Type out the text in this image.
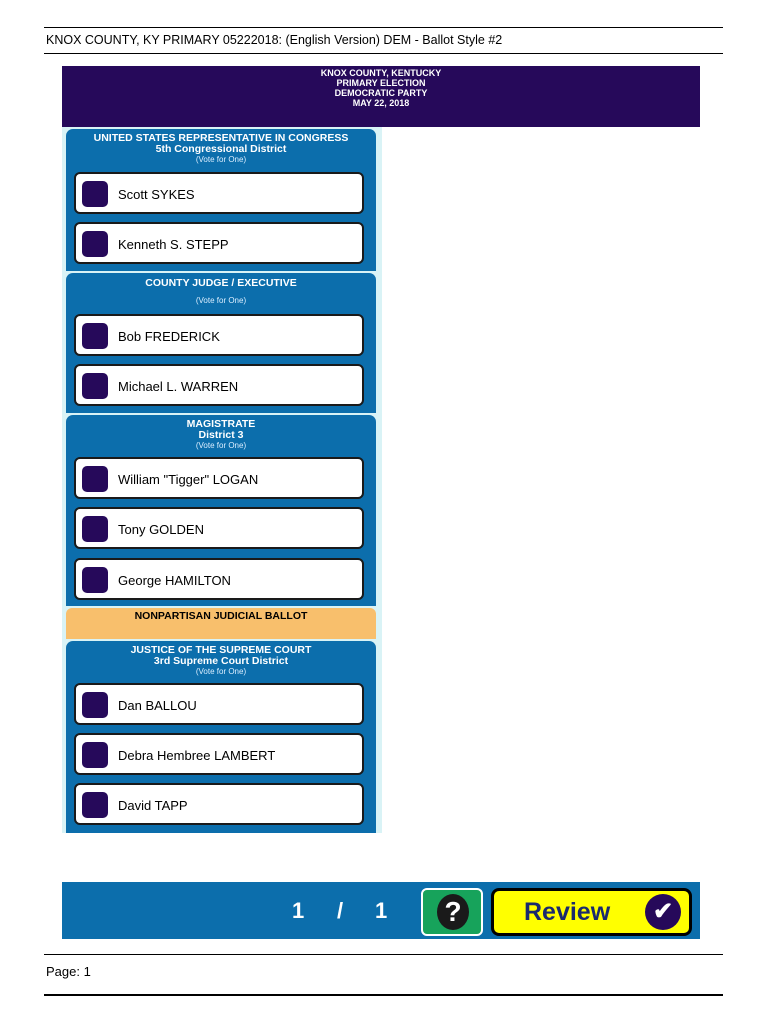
KNOX COUNTY, KY PRIMARY 05222018: (English Version) DEM - Ballot Style #2
KNOX COUNTY, KENTUCKY
PRIMARY ELECTION
DEMOCRATIC PARTY
MAY 22, 2018
UNITED STATES REPRESENTATIVE IN CONGRESS
5th Congressional District
(Vote for One)
Scott SYKES
Kenneth S. STEPP
COUNTY JUDGE / EXECUTIVE
(Vote for One)
Bob FREDERICK
Michael L. WARREN
MAGISTRATE
District 3
(Vote for One)
William "Tigger" LOGAN
Tony GOLDEN
George HAMILTON
NONPARTISAN JUDICIAL BALLOT
JUSTICE OF THE SUPREME COURT
3rd Supreme Court District
(Vote for One)
Dan BALLOU
Debra Hembree LAMBERT
David TAPP
1 / 1 ? Review	✔
Page: 1
